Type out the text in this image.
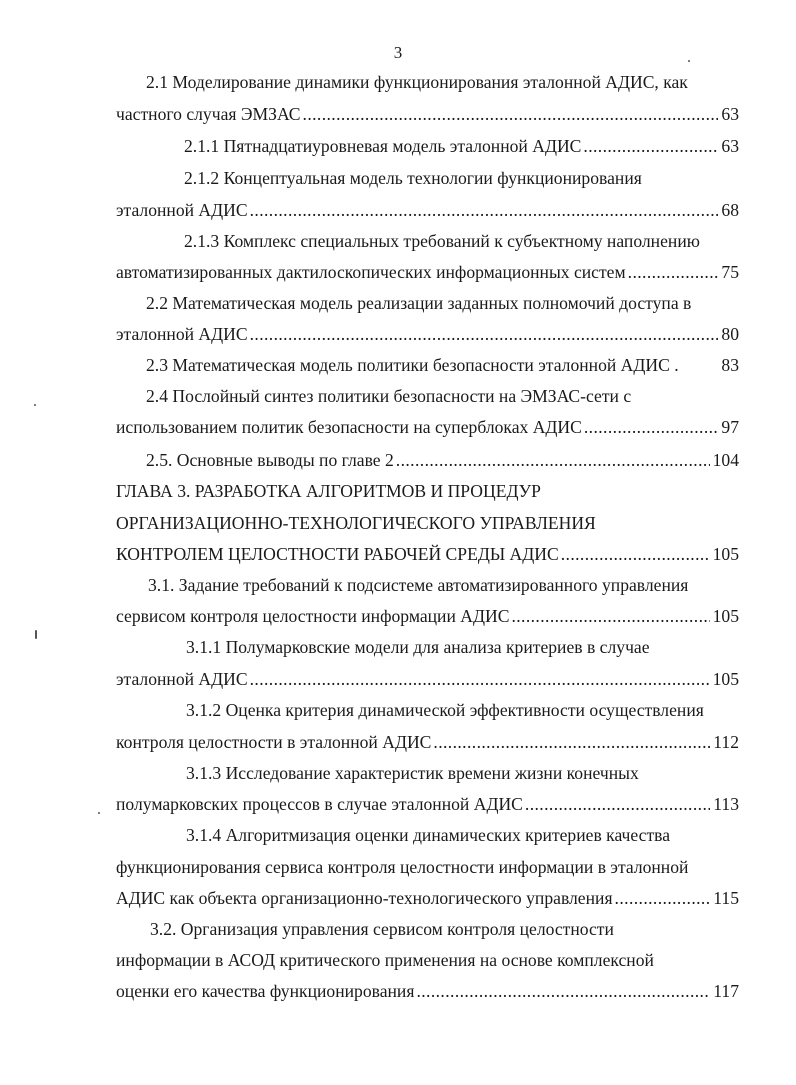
3
2.1 Моделирование динамики функционирования эталонной АДИС, как
частного случая ЭМЗАС .....	63
2.1.1 Пятнадцатиуровневая модель эталонной АДИС .....	63
2.1.2 Концептуальная модель технологии функционирования
эталонной АДИС .....	68
2.1.3 Комплекс специальных требований к субъектному наполнению
автоматизированных дактилоскопических информационных систем .....	75
2.2 Математическая модель реализации заданных полномочий доступа в
эталонной АДИС .....	80
2.3 Математическая модель политики безопасности эталонной АДИС . 83
2.4 Послойный синтез политики безопасности на ЭМЗАС-сети с
использованием политик безопасности на суперблоках АДИС .....	97
2.5. Основные выводы по главе 2 .....	104
ГЛАВА 3. РАЗРАБОТКА АЛГОРИТМОВ И ПРОЦЕДУР
ОРГАНИЗАЦИОННО-ТЕХНОЛОГИЧЕСКОГО УПРАВЛЕНИЯ
КОНТРОЛЕМ ЦЕЛОСТНОСТИ РАБОЧЕЙ СРЕДЫ АДИС .....	105
3.1. Задание требований к подсистеме автоматизированного управления
сервисом контроля целостности информации АДИС .....	105
3.1.1 Полумарковские модели для анализа критериев в случае
эталонной АДИС .....	105
3.1.2 Оценка критерия динамической эффективности осуществления
контроля целостности в эталонной АДИС .....	112
3.1.3 Исследование характеристик времени жизни конечных
полумарковских процессов в случае эталонной АДИС .....	113
3.1.4 Алгоритмизация оценки динамических критериев качества
функционирования сервиса контроля целостности информации в эталонной
АДИС как объекта организационно-технологического управления .....	115
3.2. Организация управления сервисом контроля целостности
информации в АСОД критического применения на основе комплексной
оценки его качества функционирования .....	117
